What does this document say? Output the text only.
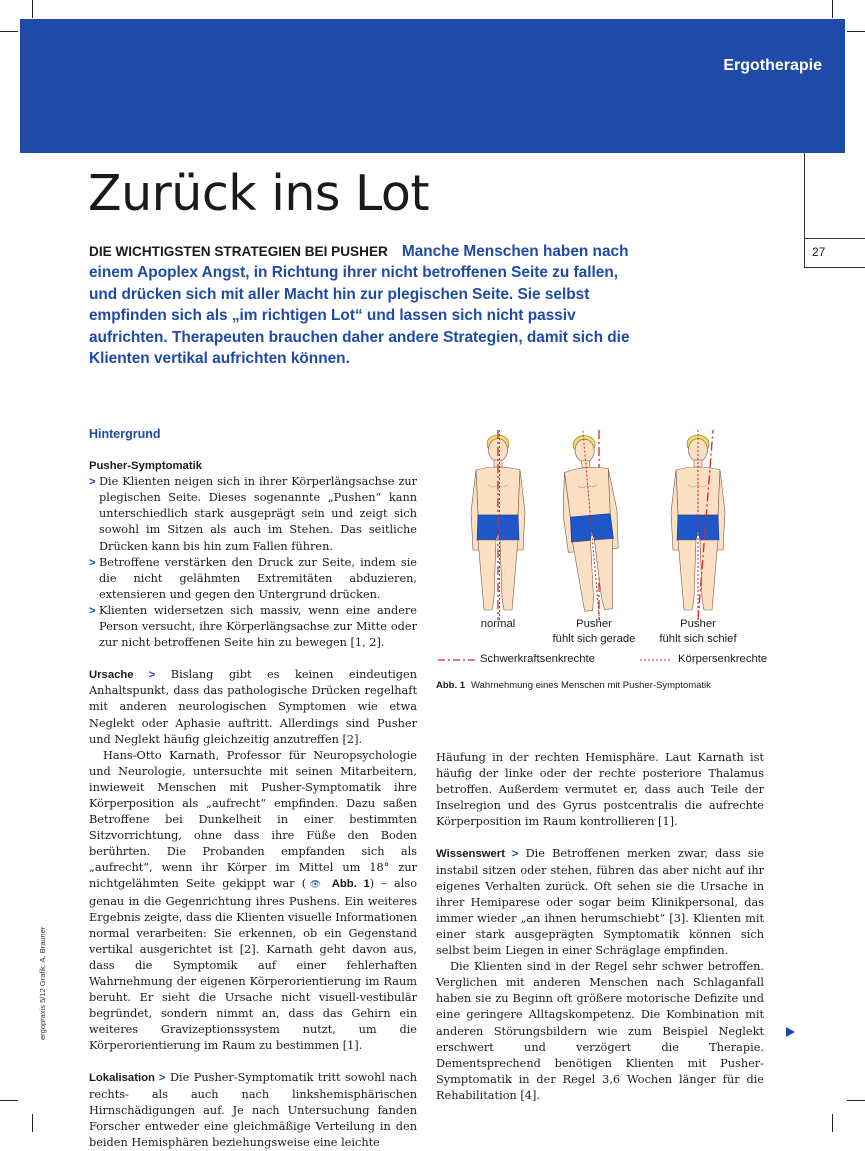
Ergotherapie
27
Zurück ins Lot
DIE WICHTIGSTEN STRATEGIEN BEI PUSHER Manche Menschen haben nach einem Apoplex Angst, in Richtung ihrer nicht betroffenen Seite zu fallen, und drücken sich mit aller Macht hin zur plegischen Seite. Sie selbst empfinden sich als „im richtigen Lot“ und lassen sich nicht passiv aufrichten. Therapeuten brauchen daher andere Strategien, damit sich die Klienten vertikal aufrichten können.

Hintergrund

Pusher-Symptomatik

> Die Klienten neigen sich in ihrer Körperlängsachse zur plegischen Seite. Dieses sogenannte „Pushen“ kann unterschiedlich stark ausgeprägt sein und zeigt sich sowohl im Sitzen als auch im Stehen. Das seitliche Drücken kann bis hin zum Fallen führen.

> Betroffene verstärken den Druck zur Seite, indem sie die nicht gelähmten Extremitäten abduzieren, extensieren und gegen den Untergrund drücken.

> Klienten widersetzen sich massiv, wenn eine andere Person versucht, ihre Körperlängsachse zur Mitte oder zur nicht betroffenen Seite hin zu bewegen [1, 2].

Ursache > Bislang gibt es keinen eindeutigen Anhaltspunkt, dass das pathologische Drücken regelhaft mit anderen neurologischen Symptomen wie etwa Neglekt oder Aphasie auftritt. Allerdings sind Pusher und Neglekt häufig gleichzeitig anzutreffen [2].

Hans-Otto Karnath, Professor für Neuropsychologie und Neurologie, untersuchte mit seinen Mitarbeitern, inwieweit Menschen mit Pusher-Symptomatik ihre Körperposition als „aufrecht“ empfinden. Dazu saßen Betroffene bei Dunkelheit in einer bestimmten Sitzvorrichtung, ohne dass ihre Füße den Boden berührten. Die Probanden empfanden sich als „aufrecht“, wenn ihr Körper im Mittel um 18° zur nichtgelähmten Seite gekippt war (👁 Abb. 1) – also genau in die Gegenrichtung ihres Pushens. Ein weiteres Ergebnis zeigte, dass die Klienten visuelle Informationen normal verarbeiten: Sie erkennen, ob ein Gegenstand vertikal ausgerichtet ist [2]. Karnath geht davon aus, dass die Symptomik auf einer fehlerhaften Wahrnehmung der eigenen Körperorientierung im Raum beruht. Er sieht die Ursache nicht visuell-vestibulär begründet, sondern nimmt an, dass das Gehirn ein weiteres Gravizeptionssystem nutzt, um die Körperorientierung im Raum zu bestimmen [1].

Lokalisation > Die Pusher-Symptomatik tritt sowohl nach rechts- als auch nach linkshemisphärischen Hirnschädigungen auf. Je nach Untersuchung fanden Forscher entweder eine gleichmäßige Verteilung in den beiden Hemisphären beziehungsweise eine leichte

normal	Pusher
fühlt sich gerade
Pusher
fühlt sich schief
Schwerkraftsenkrechte	Körpersenkrechte
Abb. 1 Wahrnehmung eines Menschen mit Pusher-Symptomatik

Häufung in der rechten Hemisphäre. Laut Karnath ist häufig der linke oder der rechte posteriore Thalamus betroffen. Außerdem vermutet er, dass auch Teile der Inselregion und des Gyrus postcentralis die aufrechte Körperposition im Raum kontrollieren [1].

Wissenswert > Die Betroffenen merken zwar, dass sie instabil sitzen oder stehen, führen das aber nicht auf ihr eigenes Verhalten zurück. Oft sehen sie die Ursache in ihrer Hemiparese oder sogar beim Klinikpersonal, das immer wieder „an ihnen herumschiebt“ [3]. Klienten mit einer stark ausgeprägten Symptomatik können sich selbst beim Liegen in einer Schräglage empfinden.

Die Klienten sind in der Regel sehr schwer betroffen. Verglichen mit anderen Menschen nach Schlaganfall haben sie zu Beginn oft größere motorische Defizite und eine geringere Alltagskompetenz. Die Kombination mit anderen Störungsbildern wie zum Beispiel Neglekt erschwert und verzögert die Therapie. Dementsprechend benötigen Klienten mit Pusher-Symptomatik in der Regel 3,6 Wochen länger für die Rehabilitation [4].

ergopraxis 5/12 Grafik: A. Brauner
